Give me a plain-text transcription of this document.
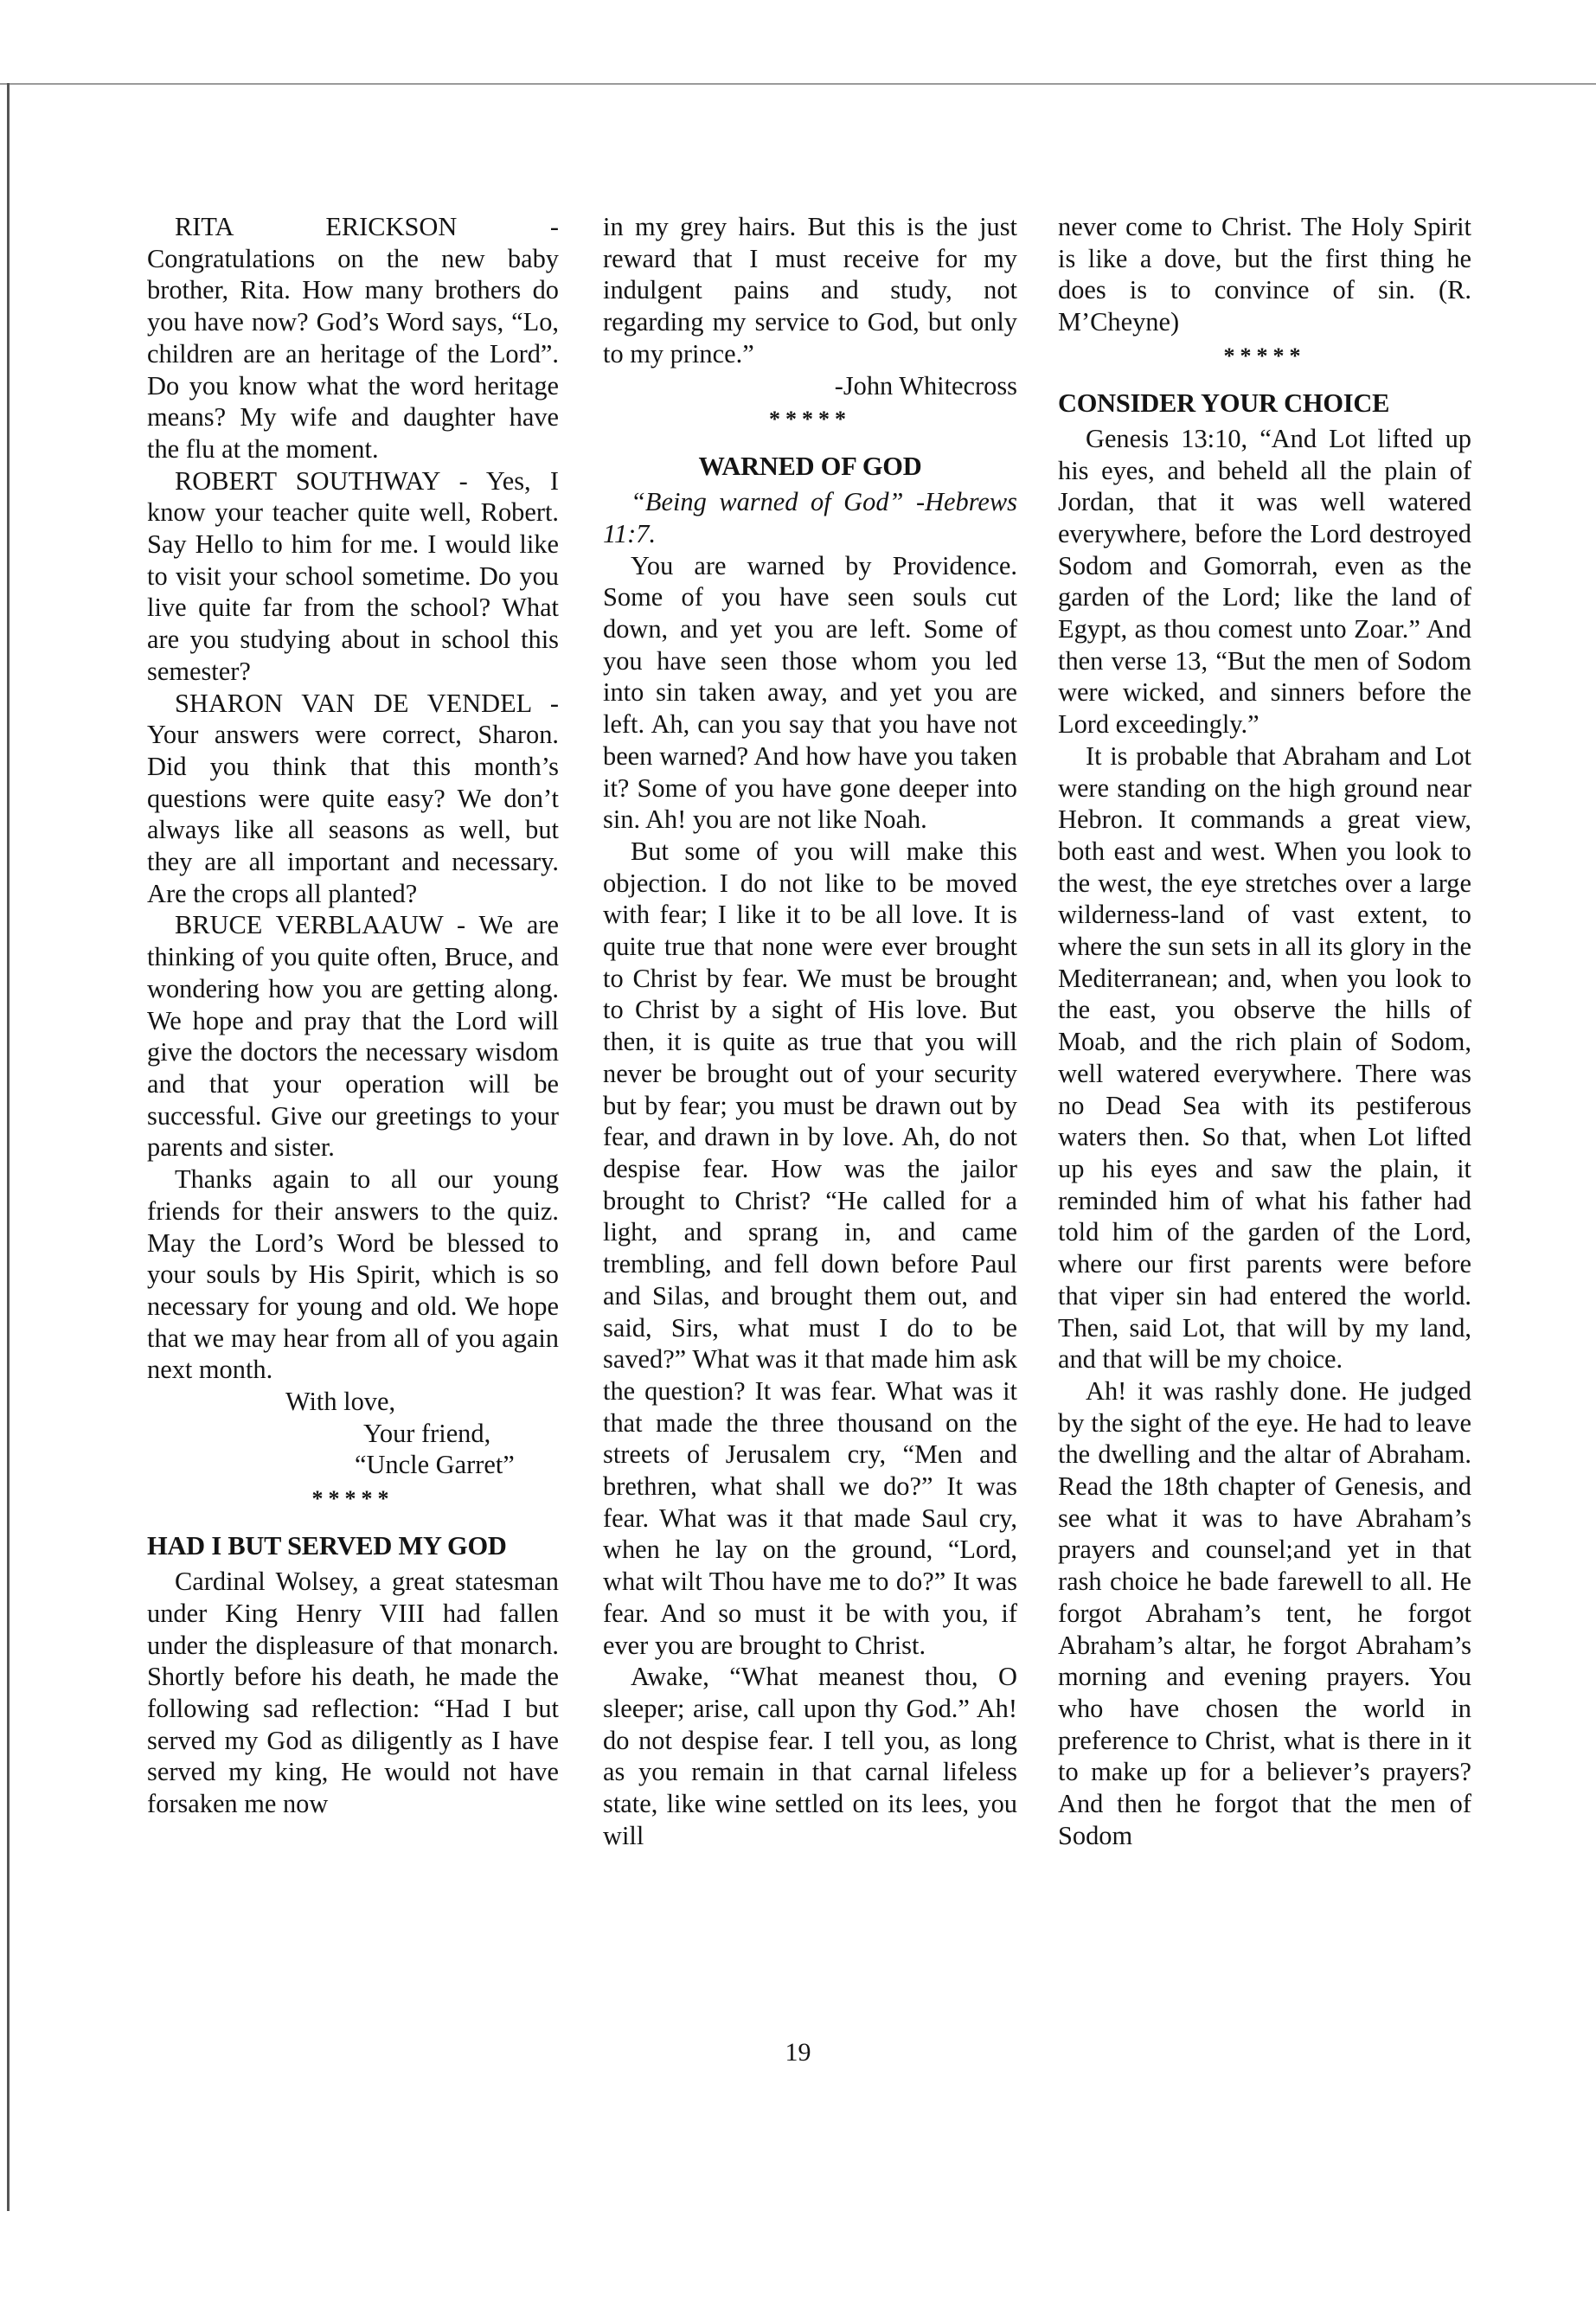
RITA ERICKSON - Congratulations on the new baby brother, Rita. How many brothers do you have now? God’s Word says, “Lo, children are an heritage of the Lord”. Do you know what the word heritage means? My wife and daughter have the flu at the moment.

ROBERT SOUTHWAY - Yes, I know your teacher quite well, Robert. Say Hello to him for me. I would like to visit your school sometime. Do you live quite far from the school? What are you studying about in school this semester?

SHARON VAN DE VENDEL - Your answers were correct, Sharon. Did you think that this month’s questions were quite easy? We don’t always like all seasons as well, but they are all important and necessary. Are the crops all planted?

BRUCE VERBLAAUW - We are thinking of you quite often, Bruce, and wondering how you are getting along. We hope and pray that the Lord will give the doctors the necessary wisdom and that your operation will be successful. Give our greetings to your parents and sister.

Thanks again to all our young friends for their answers to the quiz. May the Lord’s Word be blessed to your souls by His Spirit, which is so necessary for young and old. We hope that we may hear from all of you again next month.

With love,
Your friend,
“Uncle Garret”
*****
HAD I BUT SERVED MY GOD

Cardinal Wolsey, a great statesman under King Henry VIII had fallen under the displeasure of that monarch. Shortly before his death, he made the following sad reflection: “Had I but served my God as diligently as I have served my king, He would not have forsaken me now

in my grey hairs. But this is the just reward that I must receive for my indulgent pains and study, not regarding my service to God, but only to my prince.”

-John Whitecross

*****
WARNED OF GOD

“Being warned of God” -Hebrews 11:7.

You are warned by Providence. Some of you have seen souls cut down, and yet you are left. Some of you have seen those whom you led into sin taken away, and yet you are left. Ah, can you say that you have not been warned? And how have you taken it? Some of you have gone deeper into sin. Ah! you are not like Noah.

But some of you will make this objection. I do not like to be moved with fear; I like it to be all love. It is quite true that none were ever brought to Christ by fear. We must be brought to Christ by a sight of His love. But then, it is quite as true that you will never be brought out of your security but by fear; you must be drawn out by fear, and drawn in by love. Ah, do not despise fear. How was the jailor brought to Christ? “He called for a light, and sprang in, and came trembling, and fell down before Paul and Silas, and brought them out, and said, Sirs, what must I do to be saved?” What was it that made him ask the question? It was fear. What was it that made the three thousand on the streets of Jerusalem cry, “Men and brethren, what shall we do?” It was fear. What was it that made Saul cry, when he lay on the ground, “Lord, what wilt Thou have me to do?” It was fear. And so must it be with you, if ever you are brought to Christ.

Awake, “What meanest thou, O sleeper; arise, call upon thy God.” Ah! do not despise fear. I tell you, as long as you remain in that carnal lifeless state, like wine settled on its lees, you will

never come to Christ. The Holy Spirit is like a dove, but the first thing he does is to convince of sin. (R. M’Cheyne)

*****
CONSIDER YOUR CHOICE

Genesis 13:10, “And Lot lifted up his eyes, and beheld all the plain of Jordan, that it was well watered everywhere, before the Lord destroyed Sodom and Gomorrah, even as the garden of the Lord; like the land of Egypt, as thou comest unto Zoar.” And then verse 13, “But the men of Sodom were wicked, and sinners before the Lord exceedingly.”

It is probable that Abraham and Lot were standing on the high ground near Hebron. It commands a great view, both east and west. When you look to the west, the eye stretches over a large wilderness-land of vast extent, to where the sun sets in all its glory in the Mediterranean; and, when you look to the east, you observe the hills of Moab, and the rich plain of Sodom, well watered everywhere. There was no Dead Sea with its pestiferous waters then. So that, when Lot lifted up his eyes and saw the plain, it reminded him of what his father had told him of the garden of the Lord, where our first parents were before that viper sin had entered the world. Then, said Lot, that will by my land, and that will be my choice.

Ah! it was rashly done. He judged by the sight of the eye. He had to leave the dwelling and the altar of Abraham. Read the 18th chapter of Genesis, and see what it was to have Abraham’s prayers and counsel;and yet in that rash choice he bade farewell to all. He forgot Abraham’s tent, he forgot Abraham’s altar, he forgot Abraham’s morning and evening prayers. You who have chosen the world in preference to Christ, what is there in it to make up for a believer’s prayers? And then he forgot that the men of Sodom

19
